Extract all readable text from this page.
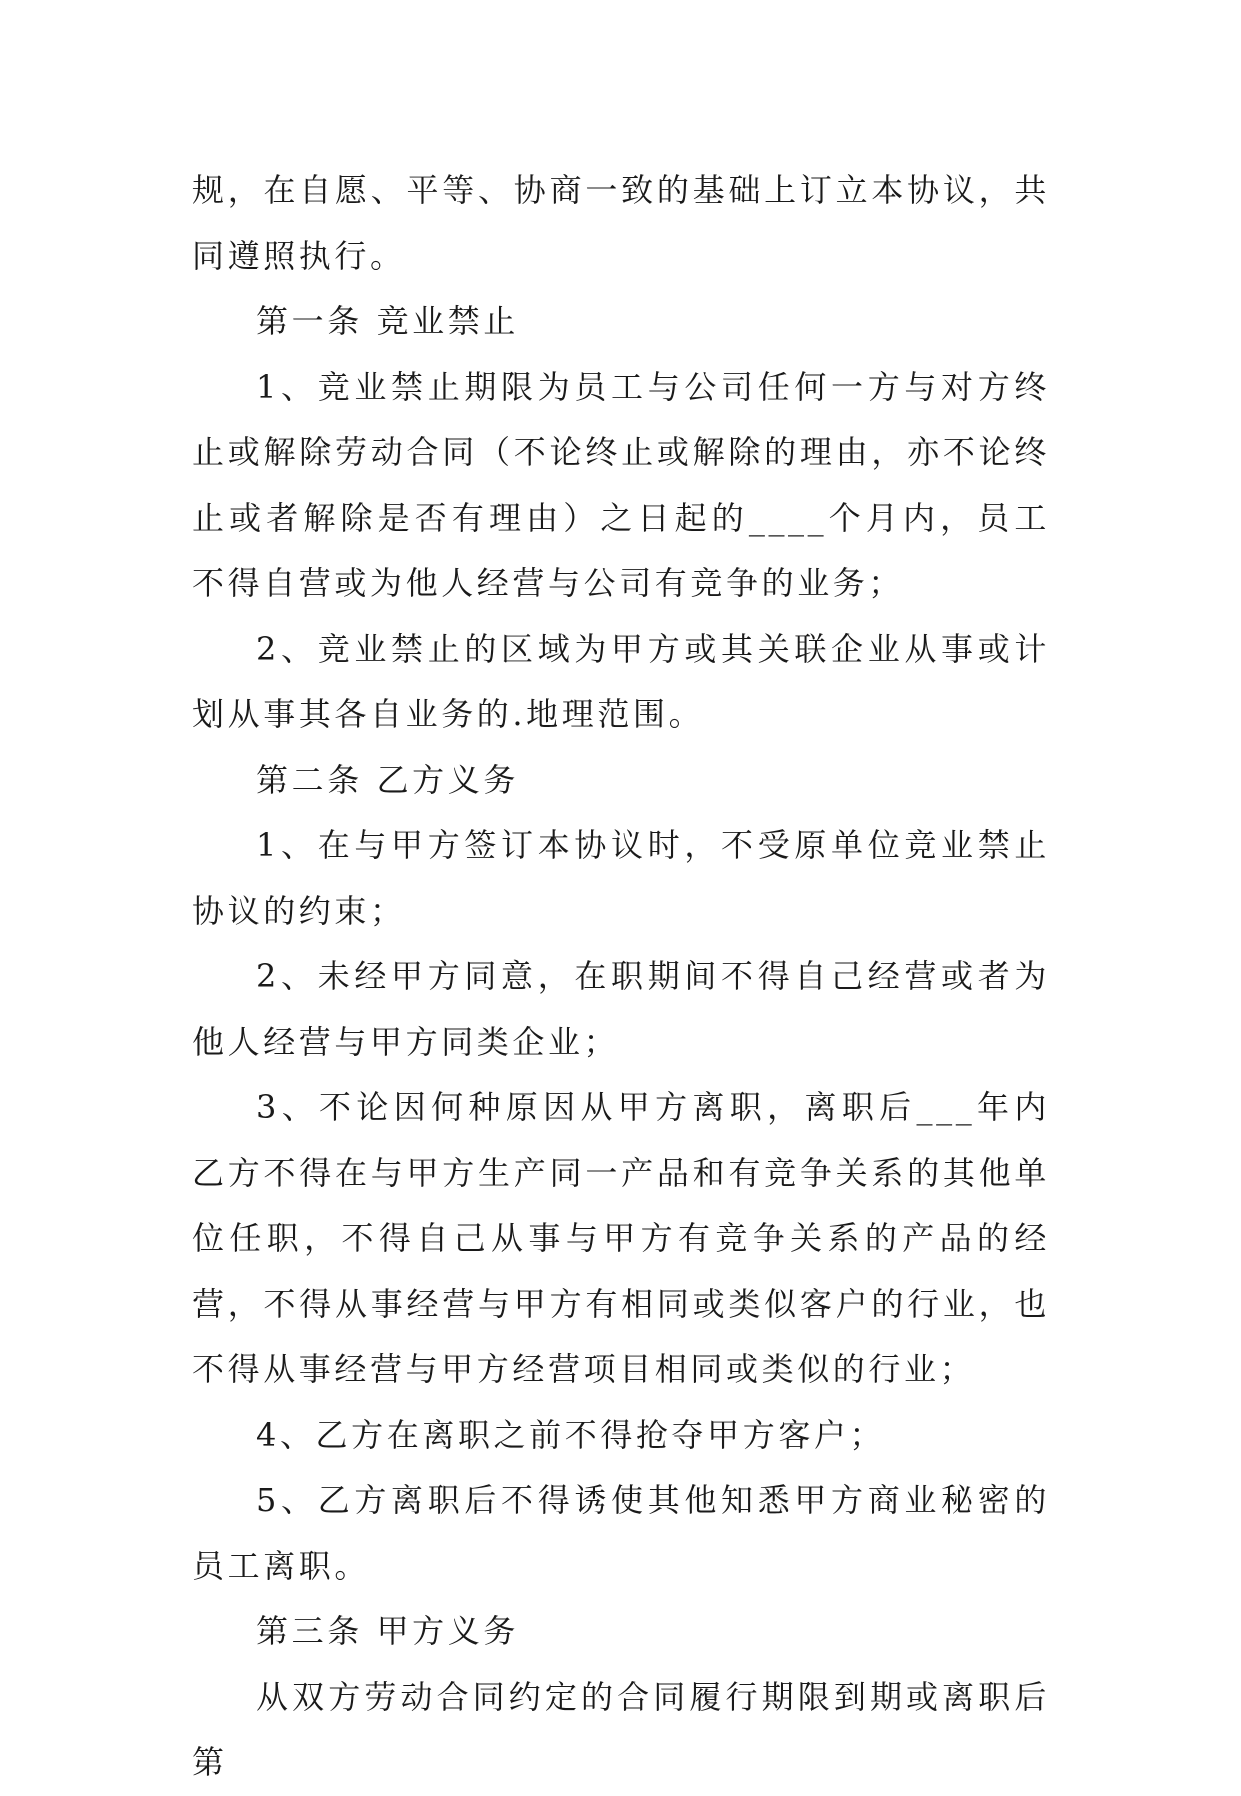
规，在自愿、平等、协商一致的基础上订立本协议，共同遵照执行。

第一条 竞业禁止

1、竞业禁止期限为员工与公司任何一方与对方终止或解除劳动合同（不论终止或解除的理由，亦不论终止或者解除是否有理由）之日起的____个月内，员工不得自营或为他人经营与公司有竞争的业务；

2、竞业禁止的区域为甲方或其关联企业从事或计划从事其各自业务的.地理范围。

第二条 乙方义务

1、在与甲方签订本协议时，不受原单位竞业禁止协议的约束；

2、未经甲方同意，在职期间不得自己经营或者为他人经营与甲方同类企业；

3、不论因何种原因从甲方离职，离职后___年内乙方不得在与甲方生产同一产品和有竞争关系的其他单位任职，不得自己从事与甲方有竞争关系的产品的经营，不得从事经营与甲方有相同或类似客户的行业，也不得从事经营与甲方经营项目相同或类似的行业；

4、乙方在离职之前不得抢夺甲方客户；

5、乙方离职后不得诱使其他知悉甲方商业秘密的员工离职。

第三条 甲方义务

从双方劳动合同约定的合同履行期限到期或离职后第
